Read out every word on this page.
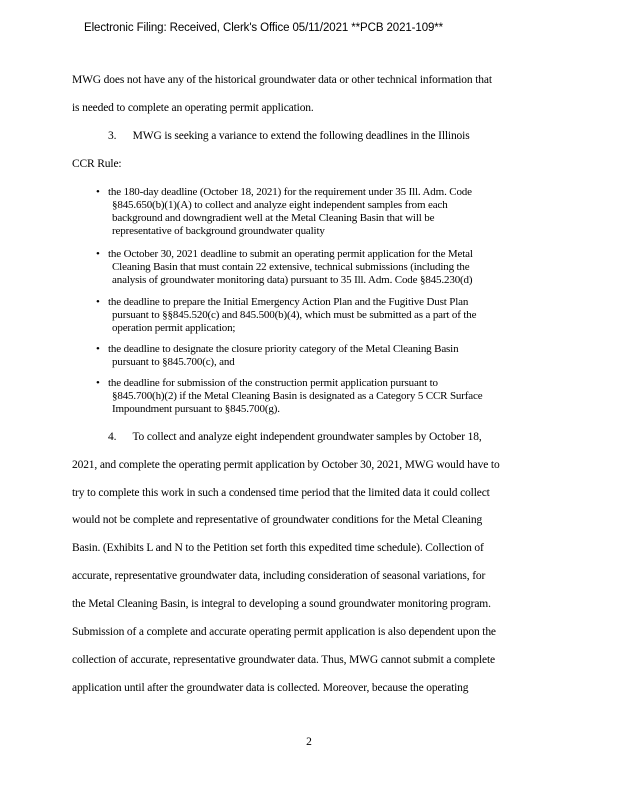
Electronic Filing: Received, Clerk's Office 05/11/2021 **PCB 2021-109**
MWG does not have any of the historical groundwater data or other technical information that
is needed to complete an operating permit application.
3.      MWG is seeking a variance to extend the following deadlines in the Illinois
CCR Rule:
• the 180-day deadline (October 18, 2021) for the requirement under 35 Ill. Adm. Code
§845.650(b)(1)(A) to collect and analyze eight independent samples from each
background and downgradient well at the Metal Cleaning Basin that will be
representative of background groundwater quality
• the October 30, 2021 deadline to submit an operating permit application for the Metal
Cleaning Basin that must contain 22 extensive, technical submissions (including the
analysis of groundwater monitoring data) pursuant to 35 Ill. Adm. Code §845.230(d)
• the deadline to prepare the Initial Emergency Action Plan and the Fugitive Dust Plan
pursuant to §§845.520(c) and 845.500(b)(4), which must be submitted as a part of the
operation permit application;
• the deadline to designate the closure priority category of the Metal Cleaning Basin
pursuant to §845.700(c), and
• the deadline for submission of the construction permit application pursuant to
§845.700(h)(2) if the Metal Cleaning Basin is designated as a Category 5 CCR Surface
Impoundment pursuant to §845.700(g).
4.      To collect and analyze eight independent groundwater samples by October 18,
2021, and complete the operating permit application by October 30, 2021, MWG would have to
try to complete this work in such a condensed time period that the limited data it could collect
would not be complete and representative of groundwater conditions for the Metal Cleaning
Basin. (Exhibits L and N to the Petition set forth this expedited time schedule). Collection of
accurate, representative groundwater data, including consideration of seasonal variations, for
the Metal Cleaning Basin, is integral to developing a sound groundwater monitoring program.
Submission of a complete and accurate operating permit application is also dependent upon the
collection of accurate, representative groundwater data. Thus, MWG cannot submit a complete
application until after the groundwater data is collected. Moreover, because the operating
2
